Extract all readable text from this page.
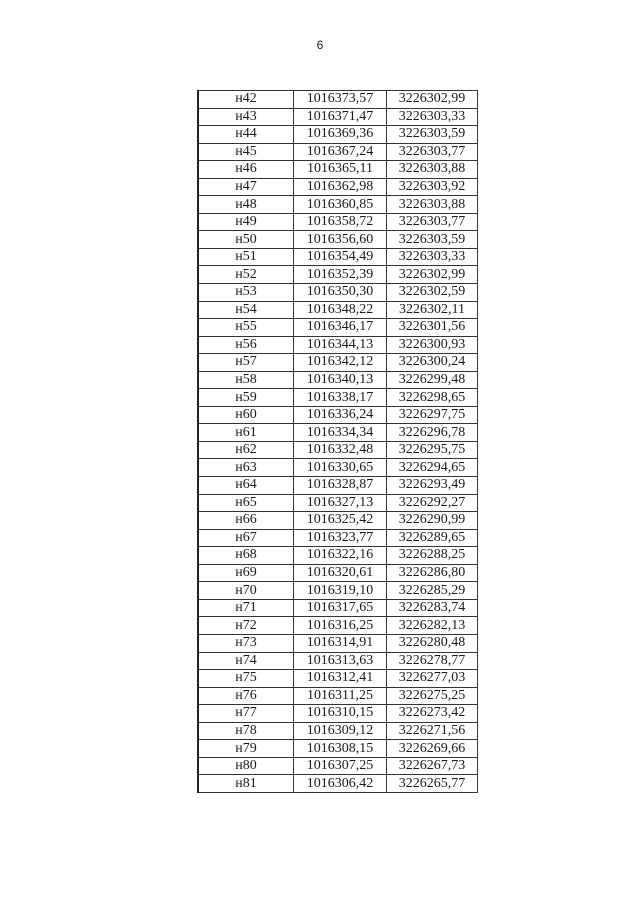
6
н42	1016373,57	3226302,99
н43	1016371,47	3226303,33
н44	1016369,36	3226303,59
н45	1016367,24	3226303,77
н46	1016365,11	3226303,88
н47	1016362,98	3226303,92
н48	1016360,85	3226303,88
н49	1016358,72	3226303,77
н50	1016356,60	3226303,59
н51	1016354,49	3226303,33
н52	1016352,39	3226302,99
н53	1016350,30	3226302,59
н54	1016348,22	3226302,11
н55	1016346,17	3226301,56
н56	1016344,13	3226300,93
н57	1016342,12	3226300,24
н58	1016340,13	3226299,48
н59	1016338,17	3226298,65
н60	1016336,24	3226297,75
н61	1016334,34	3226296,78
н62	1016332,48	3226295,75
н63	1016330,65	3226294,65
н64	1016328,87	3226293,49
н65	1016327,13	3226292,27
н66	1016325,42	3226290,99
н67	1016323,77	3226289,65
н68	1016322,16	3226288,25
н69	1016320,61	3226286,80
н70	1016319,10	3226285,29
н71	1016317,65	3226283,74
н72	1016316,25	3226282,13
н73	1016314,91	3226280,48
н74	1016313,63	3226278,77
н75	1016312,41	3226277,03
н76	1016311,25	3226275,25
н77	1016310,15	3226273,42
н78	1016309,12	3226271,56
н79	1016308,15	3226269,66
н80	1016307,25	3226267,73
н81	1016306,42	3226265,77
